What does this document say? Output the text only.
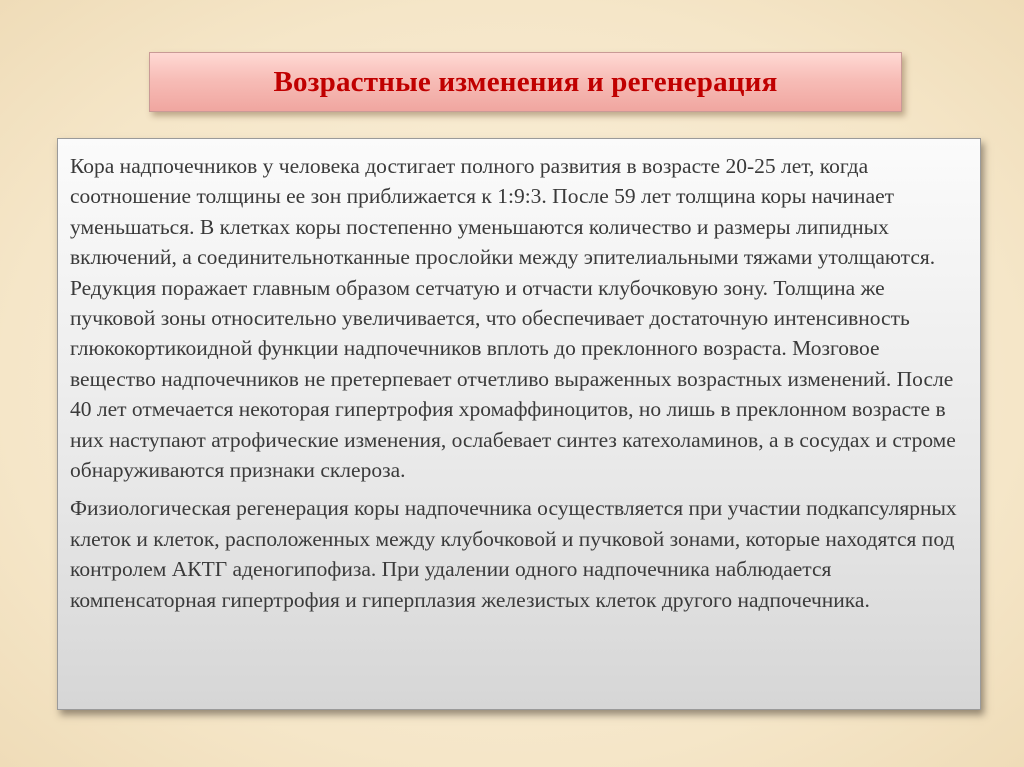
Возрастные изменения и регенерация

Кора надпочечников у человека достигает полного развития в возрасте 20-25 лет, когда соотношение толщины ее зон приближается к 1:9:3. После 59 лет толщина коры начинает уменьшаться. В клетках коры постепенно уменьшаются количество и размеры липидных включений, а соединительнотканные прослойки между эпителиальными тяжами утолщаются. Редукция поражает главным образом сетчатую и отчасти клубочковую зону. Толщина же пучковой зоны относительно увеличивается, что обеспечивает достаточную интенсивность глюкокортикоидной функции надпочечников вплоть до преклонного возраста. Мозговое вещество надпочечников не претерпевает отчетливо выраженных возрастных изменений. После 40 лет отмечается некоторая гипертрофия хромаффиноцитов, но лишь в преклонном возрасте в них наступают атрофические изменения, ослабевает синтез катехоламинов, а в сосудах и строме обнаруживаются признаки склероза.

Физиологическая регенерация коры надпочечника осуществляется при участии подкапсулярных клеток и клеток, расположенных между клубочковой и пучковой зонами, которые находятся под контролем АКТГ аденогипофиза. При удалении одного надпочечника наблюдается компенсаторная гипертрофия и гиперплазия железистых клеток другого надпочечника.
